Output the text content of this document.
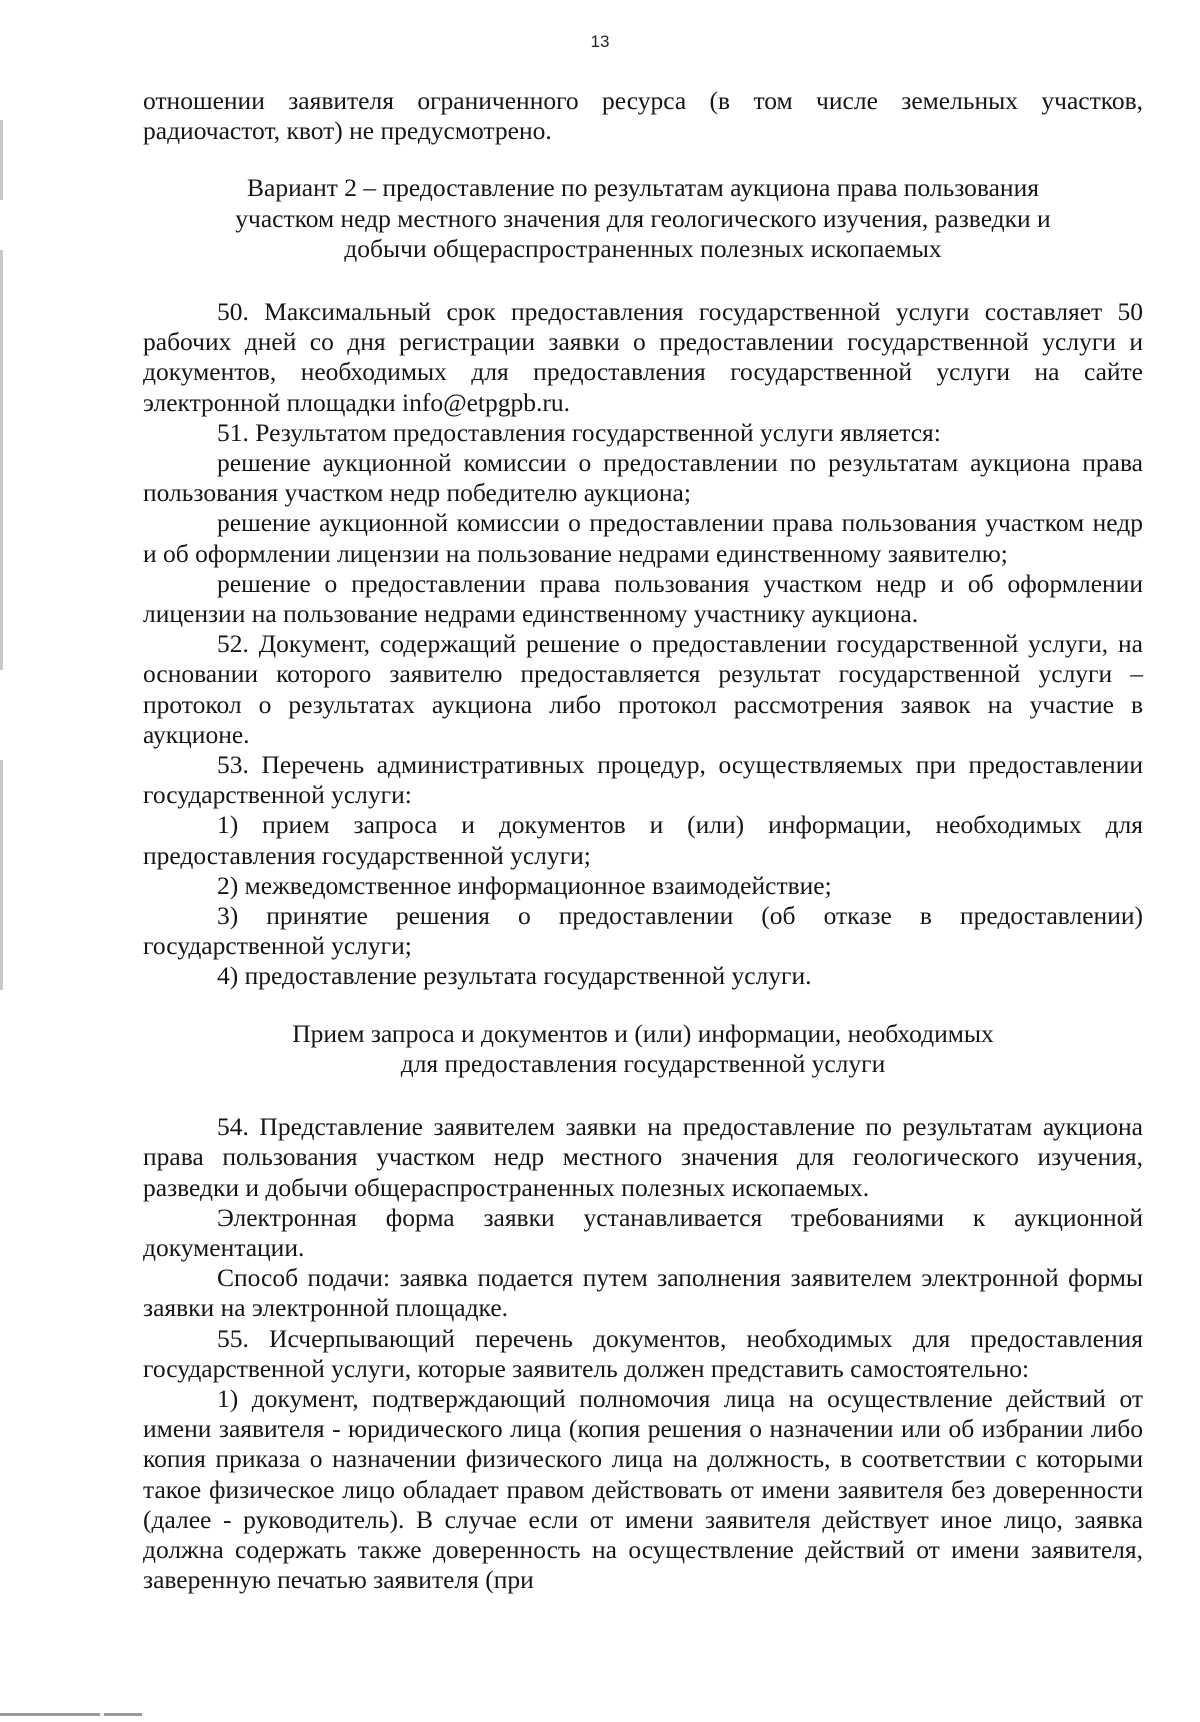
13

отношении заявителя ограниченного ресурса (в том числе земельных участков, радиочастот, квот) не предусмотрено.

Вариант 2 – предоставление по результатам аукциона права пользования
участком недр местного значения для геологического изучения, разведки и
добычи общераспространенных полезных ископаемых

50. Максимальный срок предоставления государственной услуги составляет 50 рабочих дней со дня регистрации заявки о предоставлении государственной услуги и документов, необходимых для предоставления государственной услуги на сайте электронной площадки info@etpgpb.ru.

51. Результатом предоставления государственной услуги является:

решение аукционной комиссии о предоставлении по результатам аукциона права пользования участком недр победителю аукциона;

решение аукционной комиссии о предоставлении права пользования участком недр и об оформлении лицензии на пользование недрами единственному заявителю;

решение о предоставлении права пользования участком недр и об оформлении лицензии на пользование недрами единственному участнику аукциона.

52. Документ, содержащий решение о предоставлении государственной услуги, на основании которого заявителю предоставляется результат государственной услуги – протокол о результатах аукциона либо протокол рассмотрения заявок на участие в аукционе.

53. Перечень административных процедур, осуществляемых при предоставлении государственной услуги:

1) прием запроса и документов и (или) информации, необходимых для предоставления государственной услуги;

2) межведомственное информационное взаимодействие;

3) принятие решения о предоставлении (об отказе в предоставлении) государственной услуги;

4) предоставление результата государственной услуги.

Прием запроса и документов и (или) информации, необходимых
для предоставления государственной услуги

54. Представление заявителем заявки на предоставление по результатам аукциона права пользования участком недр местного значения для геологического изучения, разведки и добычи общераспространенных полезных ископаемых.

Электронная форма заявки устанавливается требованиями к аукционной документации.

Способ подачи: заявка подается путем заполнения заявителем электронной формы заявки на электронной площадке.

55. Исчерпывающий перечень документов, необходимых для предоставления государственной услуги, которые заявитель должен представить самостоятельно:

1) документ, подтверждающий полномочия лица на осуществление действий от имени заявителя - юридического лица (копия решения о назначении или об избрании либо копия приказа о назначении физического лица на должность, в соответствии с которыми такое физическое лицо обладает правом действовать от имени заявителя без доверенности (далее - руководитель). В случае если от имени заявителя действует иное лицо, заявка должна содержать также доверенность на осуществление действий от имени заявителя, заверенную печатью заявителя (при
